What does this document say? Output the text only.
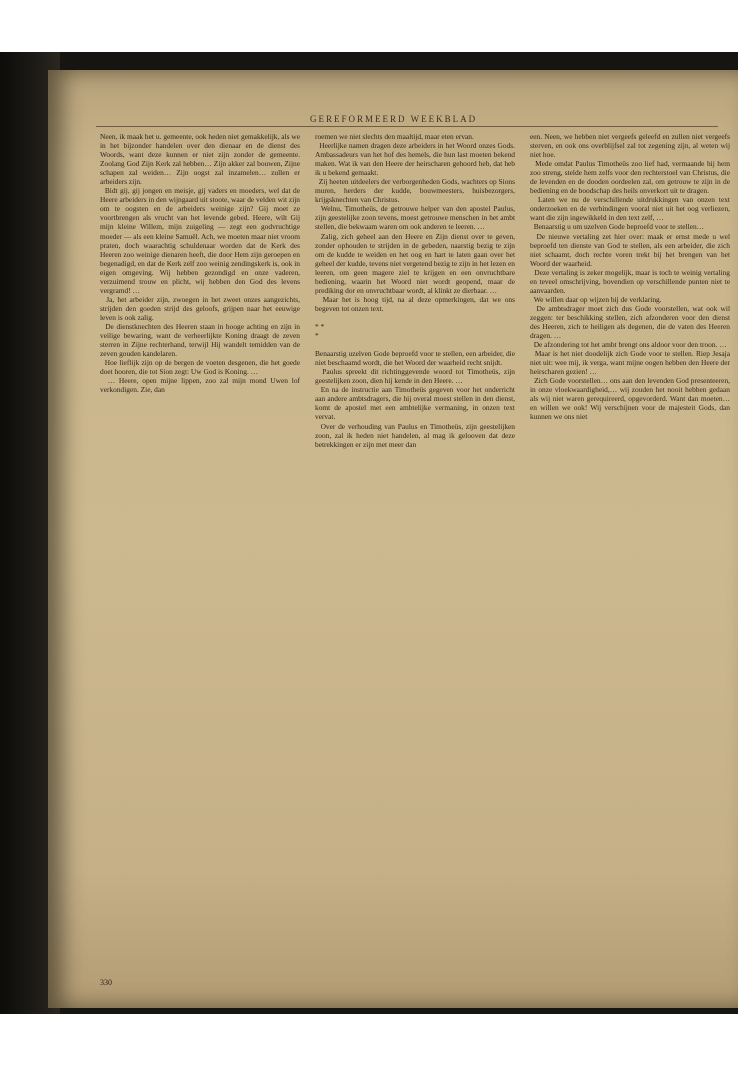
GEREFORMEERD WEEKBLAD
Neen, ik maak het u. gemeente, ook heden niet gemakkelijk, als we in het bijzonder handelen over den dienaar en de dienst des Woords, want deze kunnen er niet zijn zonder de gemeente. Zoolang God Zijn Kerk zal hebben… Zijn akker zal bouwen, Zijne schapen zal weiden… Zijn oogst zal inzamelen… zullen er arbeiders zijn.
Bidt gij, gij jongen en meisje, gij vaders en moeders, wel dat de Heere arbeiders in den wijngaard uit stoote, waar de velden wit zijn om te oogsten en de arbeiders weinige zijn? Gij moet ze voortbrengen als vrucht van het levende gebed. Heere, wilt Gij mijn kleine Willem, mijn zuigeling — zegt een godvruchtige moeder — als een kleine Samuël. Ach, we moeten maar niet vroom praten, doch waarachtig schuldenaar worden dat de Kerk des Heeren zoo weinige dienaren heeft, die door Hem zijn geroepen en begenadigd, en dat de Kerk zelf zoo weinig zendingskerk is, ook in eigen omgeving. Wij hebben gezondigd en onze vaderen, verzuimend trouw en plicht, wij hebben den God des levens vergramd! …
Ja, het arbeider zijn, zwoegen in het zweet onzes aangezichts, strijden den goeden strijd des geloofs, grijpen naar het eeuwige leven is ook zalig.
De dienstknechten des Heeren staan in hooge achting en zijn in veilige bewaring, want de verheerlijkte Koning draagt de zeven sterren in Zijne rechterhand, terwijl Hij wandelt temidden van de zeven gouden kandelaren.
Hoe lieflijk zijn op de bergen de voeten desgenen, die het goede doet hooren, die tot Sion zegt: Uw God is Koning. …
… Heere, open mijne lippen, zoo zal mijn mond Uwen lof verkondigen. Zie, dan
roemen we niet slechts den maaltijd, maar eten ervan.
Heerlijke namen dragen deze arbeiders in het Woord onzes Gods. Ambassadeurs van het hof des hemels, die hun last moeten bekend maken. Wat ik van den Heere der heirscharen gehoord heb, dat heb ik u bekend gemaakt.
Zij heeten uitdeelers der verborgenheden Gods, wachters op Sions muren, herders der kudde, bouwmeesters, huisbezorgers, krijgsknechten van Christus.
Welnu, Timotheüs, de getrouwe helper van den apostel Paulus, zijn geestelijke zoon tevens, moest getrouwe menschen in het ambt stellen, die bekwaam waren om ook anderen te leeren. …
Zalig, zich geheel aan den Heere en Zijn dienst over te geven, zonder ophouden te strijden in de gebeden, naarstig bezig te zijn om de kudde te weiden en het oog en hart te laten gaan over het geheel der kudde, tevens niet vergetend bezig te zijn in het lezen en leeren, om geen magere ziel te krijgen en een onvruchtbare bediening, waarin het Woord niet wordt geopend, maar de prediking dor en onvruchtbaar wordt, al klinkt ze dierbaar. …
Maar het is hoog tijd, na al deze opmerkingen, dat we ons begeven tot onzen text.

* *
*

Benaarstig uzelven Gode beproefd voor te stellen, een arbeider, die niet beschaamd wordt, die het Woord der waarheid recht snijdt.
Paulus spreekt dit richtinggevende woord tot Timotheüs, zijn geestelijken zoon, dien hij kende in den Heere. …
En na de instructie aan Timotheüs gegeven voor het onderricht aan andere ambtsdragers, die hij overal moest stellen in den dienst, komt de apostel met een ambtelijke vermaning, in onzen text vervat.
Over de verhouding van Paulus en Timotheüs, zijn geestelijken zoon, zal ik heden niet handelen, al mag ik gelooven dat deze betrekkingen er zijn met meer dan
een. Neen, we hebben niet vergeefs geleefd en zullen niet vergeefs sterven, en ook ons overblijfsel zal tot zegening zijn, al weten wij niet hoe.
Mede omdat Paulus Timotheüs zoo lief had, vermaande hij hem zoo streng, stelde hem zelfs voor den rechterstoel van Christus, die de levenden en de dooden oordeelen zal, om getrouw te zijn in de bediening en de boodschap des heils onverkort uit te dragen.
Laten we nu de verschillende uitdrukkingen van onzen text onderzoeken en de verbindingen vooral niet uit het oog verliezen, want die zijn ingewikkeld in den text zelf, …
Benaarstig u om uzelven Gode beproefd voor te stellen…
De nieuwe vertaling zet hier over: maak er ernst mede u wel beproefd ten dienste van God te stellen, als een arbeider, die zich niet schaamt, doch rechte voren trekt bij het brengen van het Woord der waarheid.
Deze vertaling is zeker mogelijk, maar is toch te weinig vertaling en teveel omschrijving, bovendien op verschillende punten niet te aanvaarden.
We willen daar op wijzen bij de verklaring.
De ambtsdrager moet zich dus Gode voorstellen, wat ook wil zeggen: ter beschikking stellen, zich afzonderen voor den dienst des Heeren, zich te heiligen als degenen, die de vaten des Heeren dragen. …
De afzondering tot het ambt brengt ons aldoor voor den troon. …
Maar is het niet doodelijk zich Gode voor te stellen. Riep Jesaja niet uit: wee mij, ik verga, want mijne oogen hebben den Heere der heirscharen gezien! …
Zich Gode voorstellen… ons aan den levenden God presenteeren, in onze vloekwaardigheid,… wij zouden het nooit hebben gedaan als wij niet waren gerequireerd, opgevorderd. Want dan moeten… en willen we ook! Wij verschijnen voor de majesteit Gods, dan kunnen we ons niet
330
